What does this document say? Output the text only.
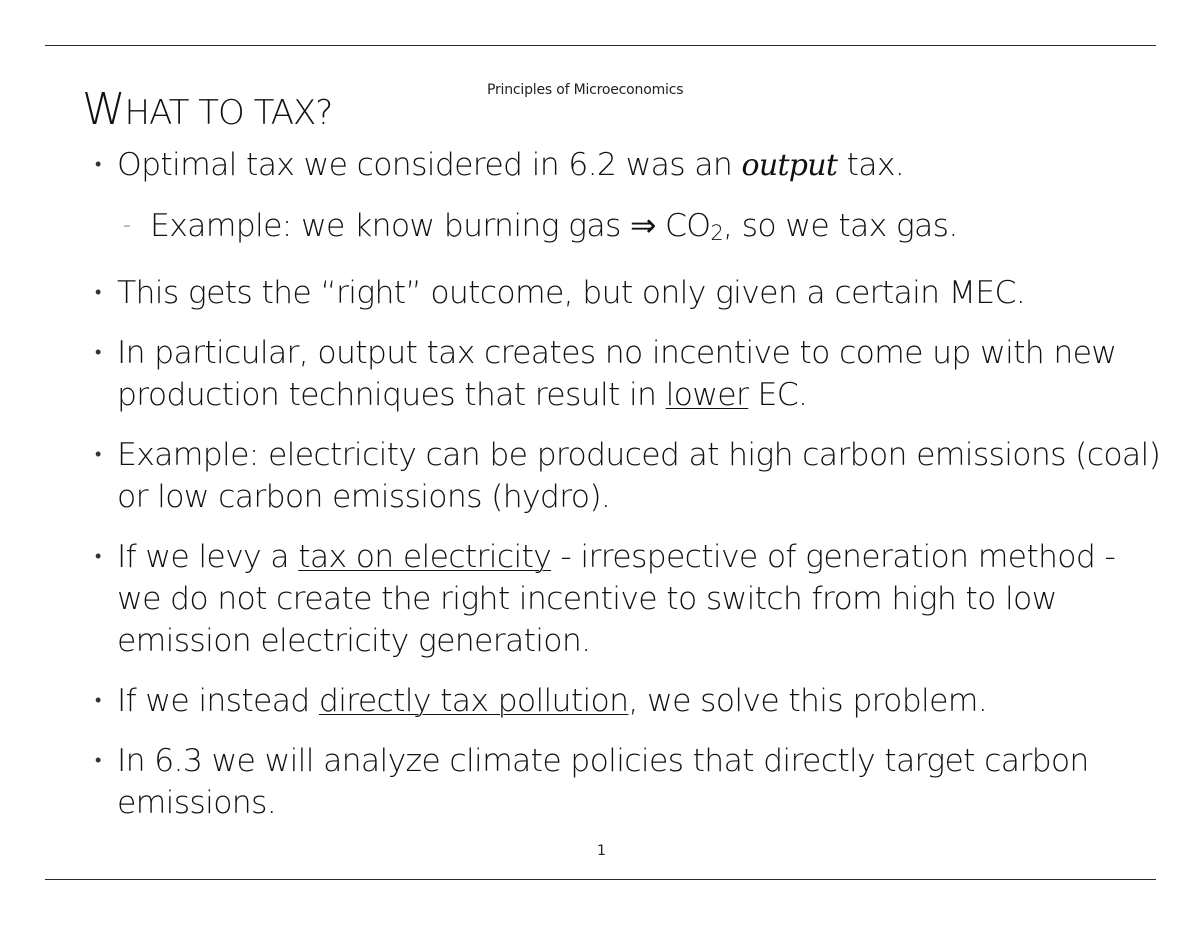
Principles of Microeconomics
WHAT TO TAX?
• Optimal tax we considered in 6.2 was an output tax.
- Example: we know burning gas ⇒ $CO_2$, so we tax gas.
• This gets the “right” outcome, but only given a certain MEC.
• In particular, output tax creates no incentive to come up with new production techniques that result in lower EC.
• Example: electricity can be produced at high carbon emissions (coal) or low carbon emissions (hydro).
• If we levy a tax on electricity - irrespective of generation method - we do not create the right incentive to switch from high to low emission electricity generation.
• If we instead directly tax pollution, we solve this problem.
• In 6.3 we will analyze climate policies that directly target carbon emissions.
1
